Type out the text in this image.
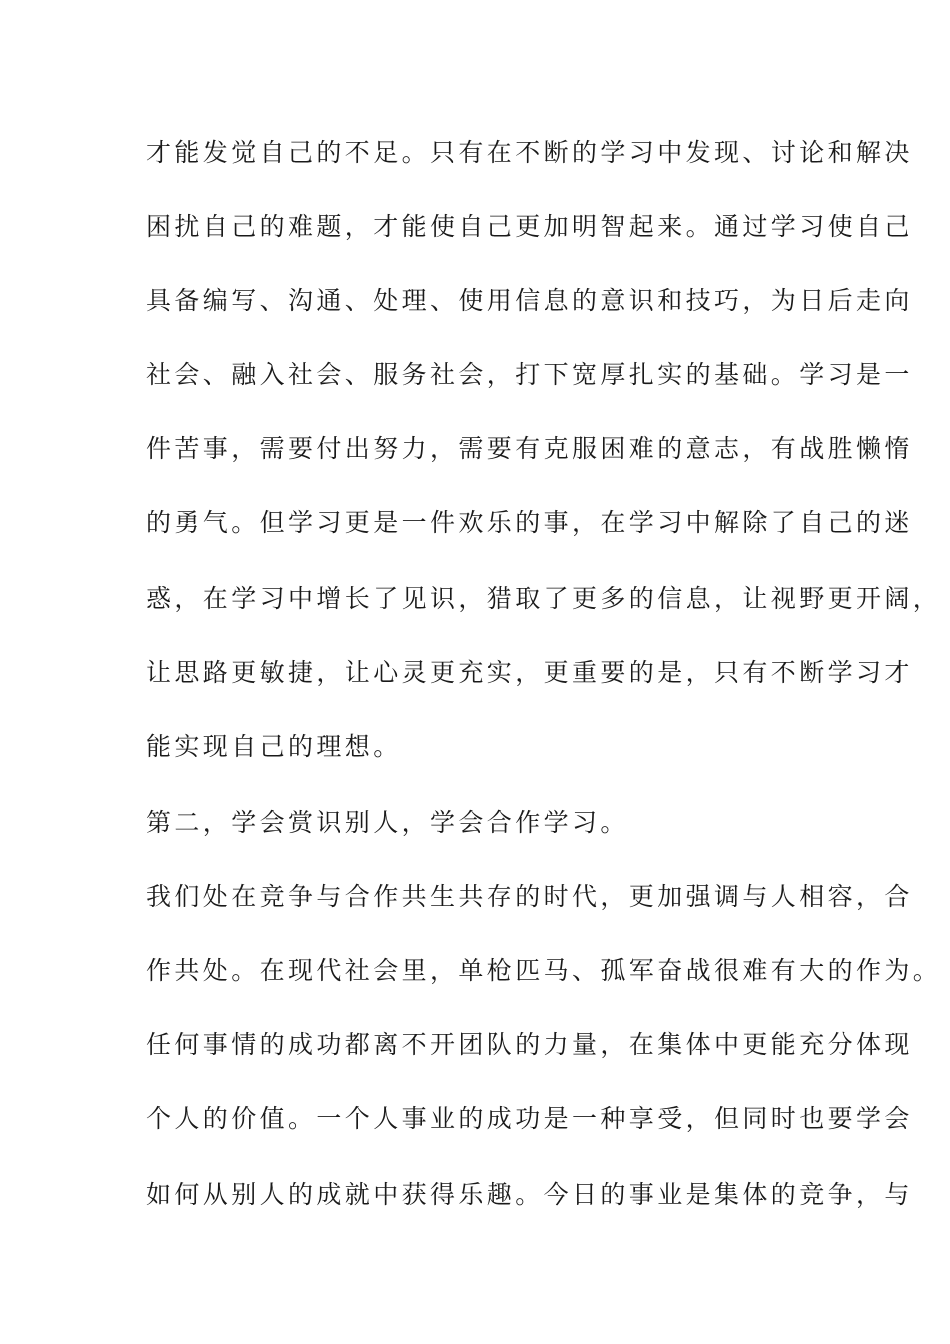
才能发觉自己的不足。只有在不断的学习中发现、讨论和解决
困扰自己的难题，才能使自己更加明智起来。通过学习使自己
具备编写、沟通、处理、使用信息的意识和技巧，为日后走向
社会、融入社会、服务社会，打下宽厚扎实的基础。学习是一
件苦事，需要付出努力，需要有克服困难的意志，有战胜懒惰
的勇气。但学习更是一件欢乐的事，在学习中解除了自己的迷
惑，在学习中增长了见识，猎取了更多的信息，让视野更开阔，
让思路更敏捷，让心灵更充实，更重要的是，只有不断学习才
能实现自己的理想。
第二，学会赏识别人，学会合作学习。
我们处在竞争与合作共生共存的时代，更加强调与人相容，合
作共处。在现代社会里，单枪匹马、孤军奋战很难有大的作为。
任何事情的成功都离不开团队的力量，在集体中更能充分体现
个人的价值。一个人事业的成功是一种享受，但同时也要学会
如何从别人的成就中获得乐趣。今日的事业是集体的竞争，与
